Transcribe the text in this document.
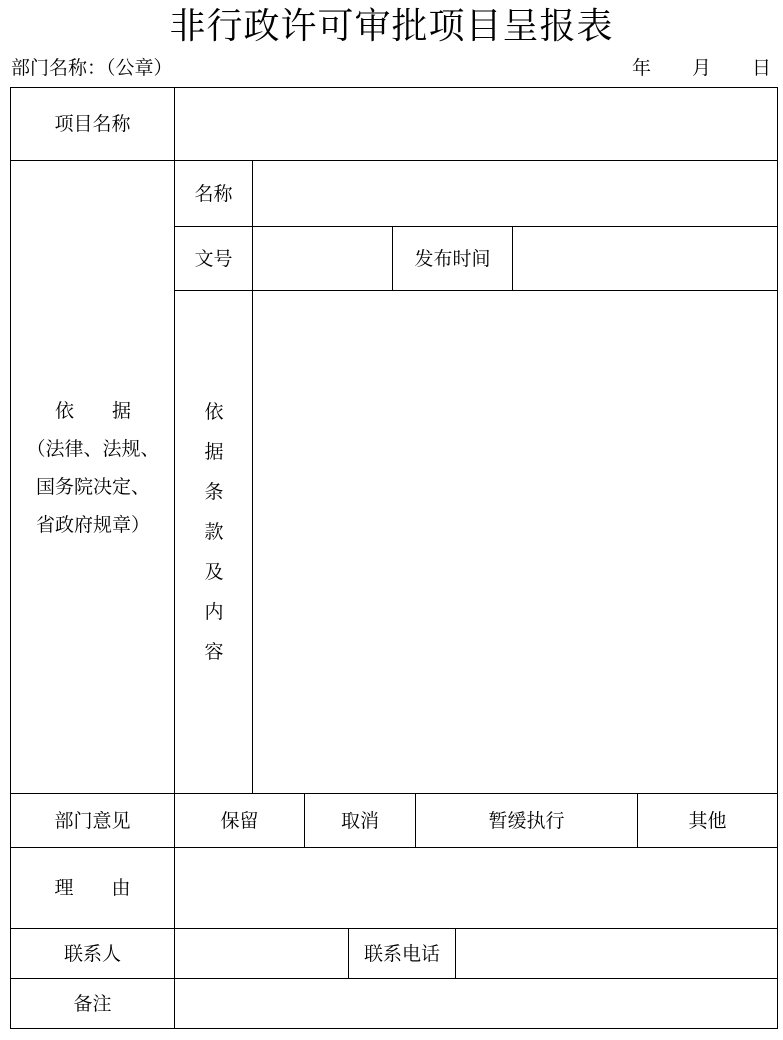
非行政许可审批项目呈报表
部门名称：（公章）	年 月 日
项目名称
依　　据
（法律、法规、
国务院决定、
省政府规章）
名称
文号	发布时间
依
据
条
款
及
内
容
部门意见	保留	取消	暂缓执行	其他
理　　由
联系人	联系电话
备注
